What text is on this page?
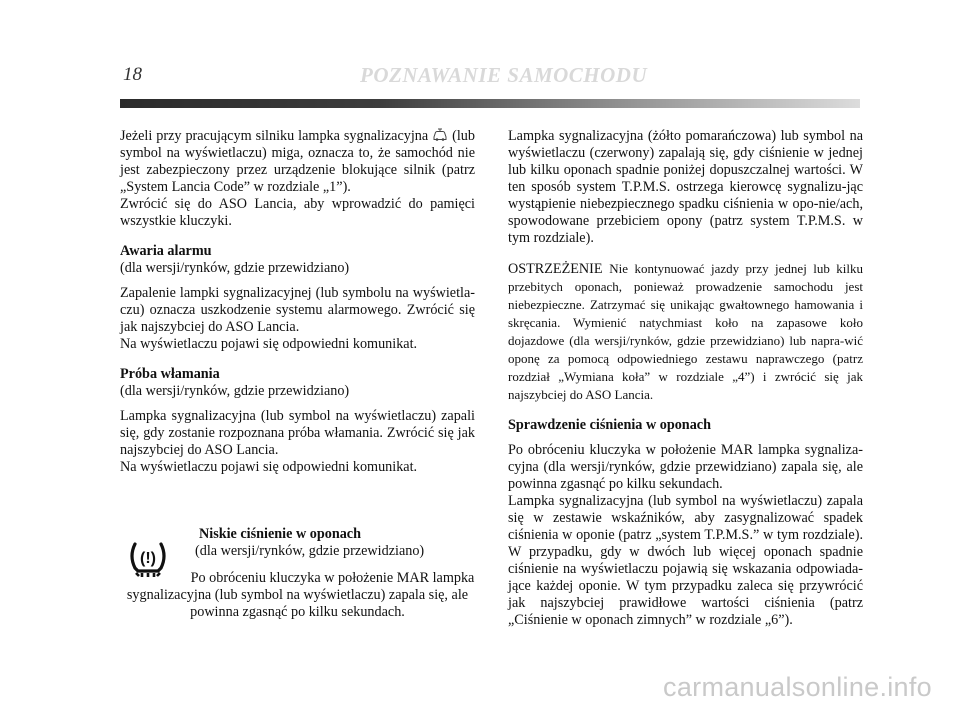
18	POZNAWANIE SAMOCHODU

Jeżeli przy pracującym silniku lampka sygnalizacyjna (lub symbol na wyświetlaczu) miga, oznacza to, że samochód nie jest zabezpieczony przez urządzenie blokujące silnik (patrz „System Lancia Code” w rozdziale „1”).

Zwrócić się do ASO Lancia, aby wprowadzić do pamięci wszystkie kluczyki.

Awaria alarmu

(dla wersji/rynków, gdzie przewidziano)

Zapalenie lampki sygnalizacyjnej (lub symbolu na wyświetla-czu) oznacza uszkodzenie systemu alarmowego. Zwrócić się jak najszybciej do ASO Lancia.

Na wyświetlaczu pojawi się odpowiedni komunikat.

Próba włamania

(dla wersji/rynków, gdzie przewidziano)

Lampka sygnalizacyjna (lub symbol na wyświetlaczu) zapali się, gdy zostanie rozpoznana próba włamania. Zwrócić się jak najszybciej do ASO Lancia.

Na wyświetlaczu pojawi się odpowiedni komunikat.

(!)

Niskie ciśnienie w oponach

(dla wersji/rynków, gdzie przewidziano)

Po obróceniu kluczyka w położenie MAR lampka sygnalizacyjna (lub symbol na wyświetlaczu) zapala się, ale powinna zgasnąć po kilku sekundach.

Lampka sygnalizacyjna (żółto pomarańczowa) lub symbol na wyświetlaczu (czerwony) zapalają się, gdy ciśnienie w jednej lub kilku oponach spadnie poniżej dopuszczalnej wartości. W ten sposób system T.P.M.S. ostrzega kierowcę sygnalizu-jąc wystąpienie niebezpiecznego spadku ciśnienia w opo-nie/ach, spowodowane przebiciem opony (patrz system T.P.M.S. w tym rozdziale).

OSTRZEŻENIE Nie kontynuować jazdy przy jednej lub kilku przebitych oponach, ponieważ prowadzenie samochodu jest niebezpieczne. Zatrzymać się unikając gwałtownego hamowania i skręcania. Wymienić natychmiast koło na zapasowe koło dojazdowe (dla wersji/rynków, gdzie przewidziano) lub napra-wić oponę za pomocą odpowiedniego zestawu naprawczego (patrz rozdział „Wymiana koła” w rozdziale „4”) i zwrócić się jak najszybciej do ASO Lancia.

Sprawdzenie ciśnienia w oponach

Po obróceniu kluczyka w położenie MAR lampka sygnaliza-cyjna (dla wersji/rynków, gdzie przewidziano) zapala się, ale powinna zgasnąć po kilku sekundach.

Lampka sygnalizacyjna (lub symbol na wyświetlaczu) zapala się w zestawie wskaźników, aby zasygnalizować spadek ciśnienia w oponie (patrz „system T.P.M.S.” w tym rozdziale). W przypadku, gdy w dwóch lub więcej oponach spadnie ciśnienie na wyświetlaczu pojawią się wskazania odpowiada-jące każdej oponie. W tym przypadku zaleca się przywrócić jak najszybciej prawidłowe wartości ciśnienia (patrz „Ciśnienie w oponach zimnych” w rozdziale „6”).

carmanualsonline.info
